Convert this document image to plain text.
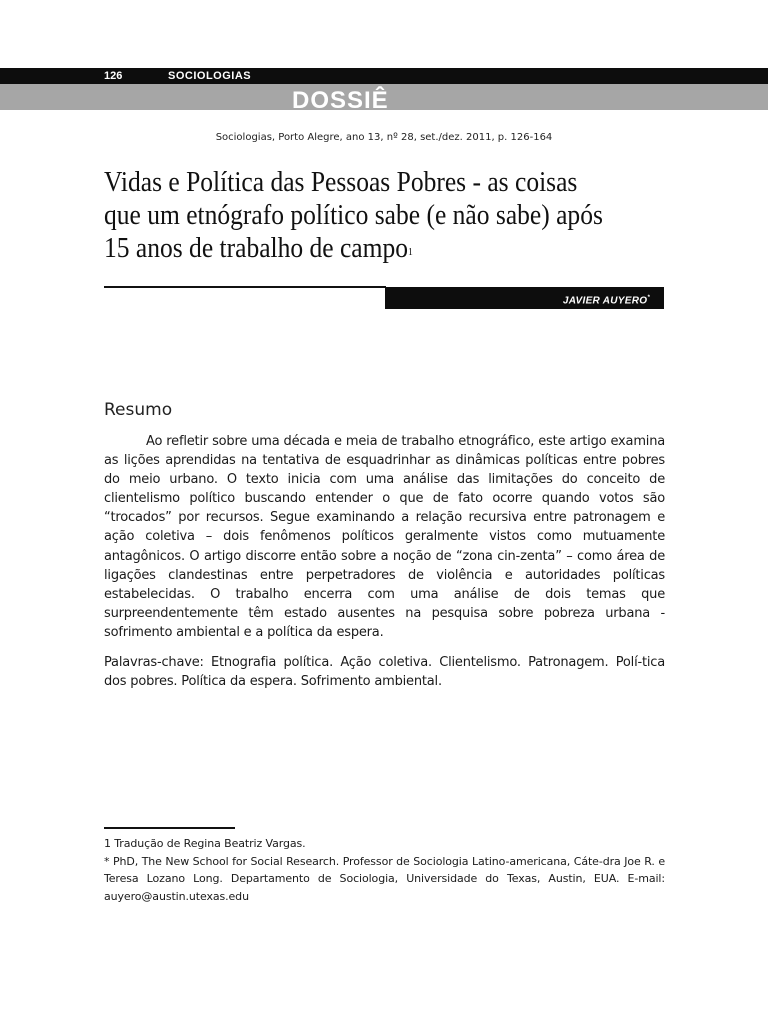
126	SOCIOLOGIAS
DOSSIÊ
Sociologias, Porto Alegre, ano 13, nº 28, set./dez. 2011, p. 126-164
Vidas e Política das Pessoas Pobres - as coisas que um etnógrafo político sabe (e não sabe) após 15 anos de trabalho de campo$^1$
JAVIER AUYERO*
Resumo

Ao refletir sobre uma década e meia de trabalho etnográfico, este artigo examina as lições aprendidas na tentativa de esquadrinhar as dinâmicas políticas entre pobres do meio urbano. O texto inicia com uma análise das limitações do conceito de clientelismo político buscando entender o que de fato ocorre quando votos são “trocados” por recursos. Segue examinando a relação recursiva entre patronagem e ação coletiva – dois fenômenos políticos geralmente vistos como mutuamente antagônicos. O artigo discorre então sobre a noção de “zona cin-zenta” – como área de ligações clandestinas entre perpetradores de violência e autoridades políticas estabelecidas. O trabalho encerra com uma análise de dois temas que surpreendentemente têm estado ausentes na pesquisa sobre pobreza urbana - sofrimento ambiental e a política da espera.

Palavras-chave: Etnografia política. Ação coletiva. Clientelismo. Patronagem. Polí-tica dos pobres. Política da espera. Sofrimento ambiental.

1 Tradução de Regina Beatriz Vargas.

* PhD, The New School for Social Research. Professor de Sociologia Latino-americana, Cáte-dra Joe R. e Teresa Lozano Long. Departamento de Sociologia, Universidade do Texas, Austin, EUA. E-mail: auyero@austin.utexas.edu
